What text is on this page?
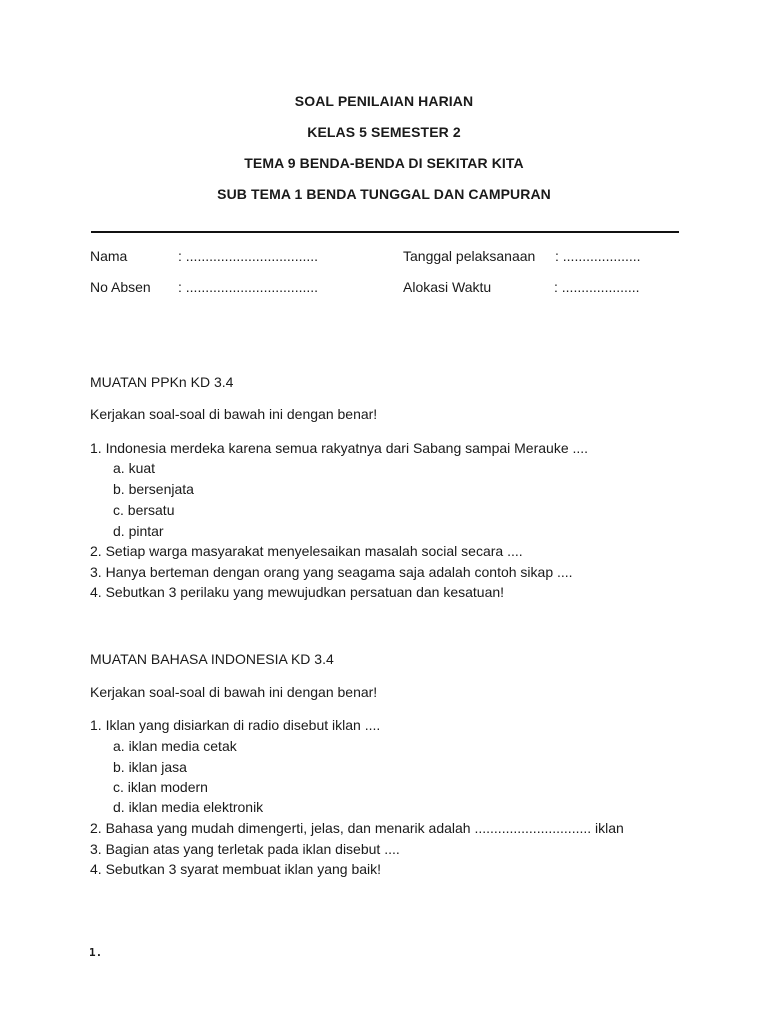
SOAL PENILAIAN HARIAN
KELAS 5 SEMESTER 2
TEMA 9 BENDA-BENDA DI SEKITAR KITA
SUB TEMA 1 BENDA TUNGGAL DAN CAMPURAN
Nama	: ..................................
No Absen : ..................................
Tanggal pelaksanaan : ....................
Alokasi Waktu	: ....................
MUATAN PPKn KD 3.4
Kerjakan soal-soal di bawah ini dengan benar!
1. Indonesia merdeka karena semua rakyatnya dari Sabang sampai Merauke ....
a. kuat
b. bersenjata
c. bersatu
d. pintar
2. Setiap warga masyarakat menyelesaikan masalah social secara ....
3. Hanya berteman dengan orang yang seagama saja adalah contoh sikap ....
4. Sebutkan 3 perilaku yang mewujudkan persatuan dan kesatuan!
MUATAN BAHASA INDONESIA KD 3.4
Kerjakan soal-soal di bawah ini dengan benar!
1. Iklan yang disiarkan di radio disebut iklan ....
a. iklan media cetak
b. iklan jasa
c. iklan modern
d. iklan media elektronik
2. Bahasa yang mudah dimengerti, jelas, dan menarik adalah .............................. iklan
3. Bagian atas yang terletak pada iklan disebut ....
4. Sebutkan 3 syarat membuat iklan yang baik!
1.
